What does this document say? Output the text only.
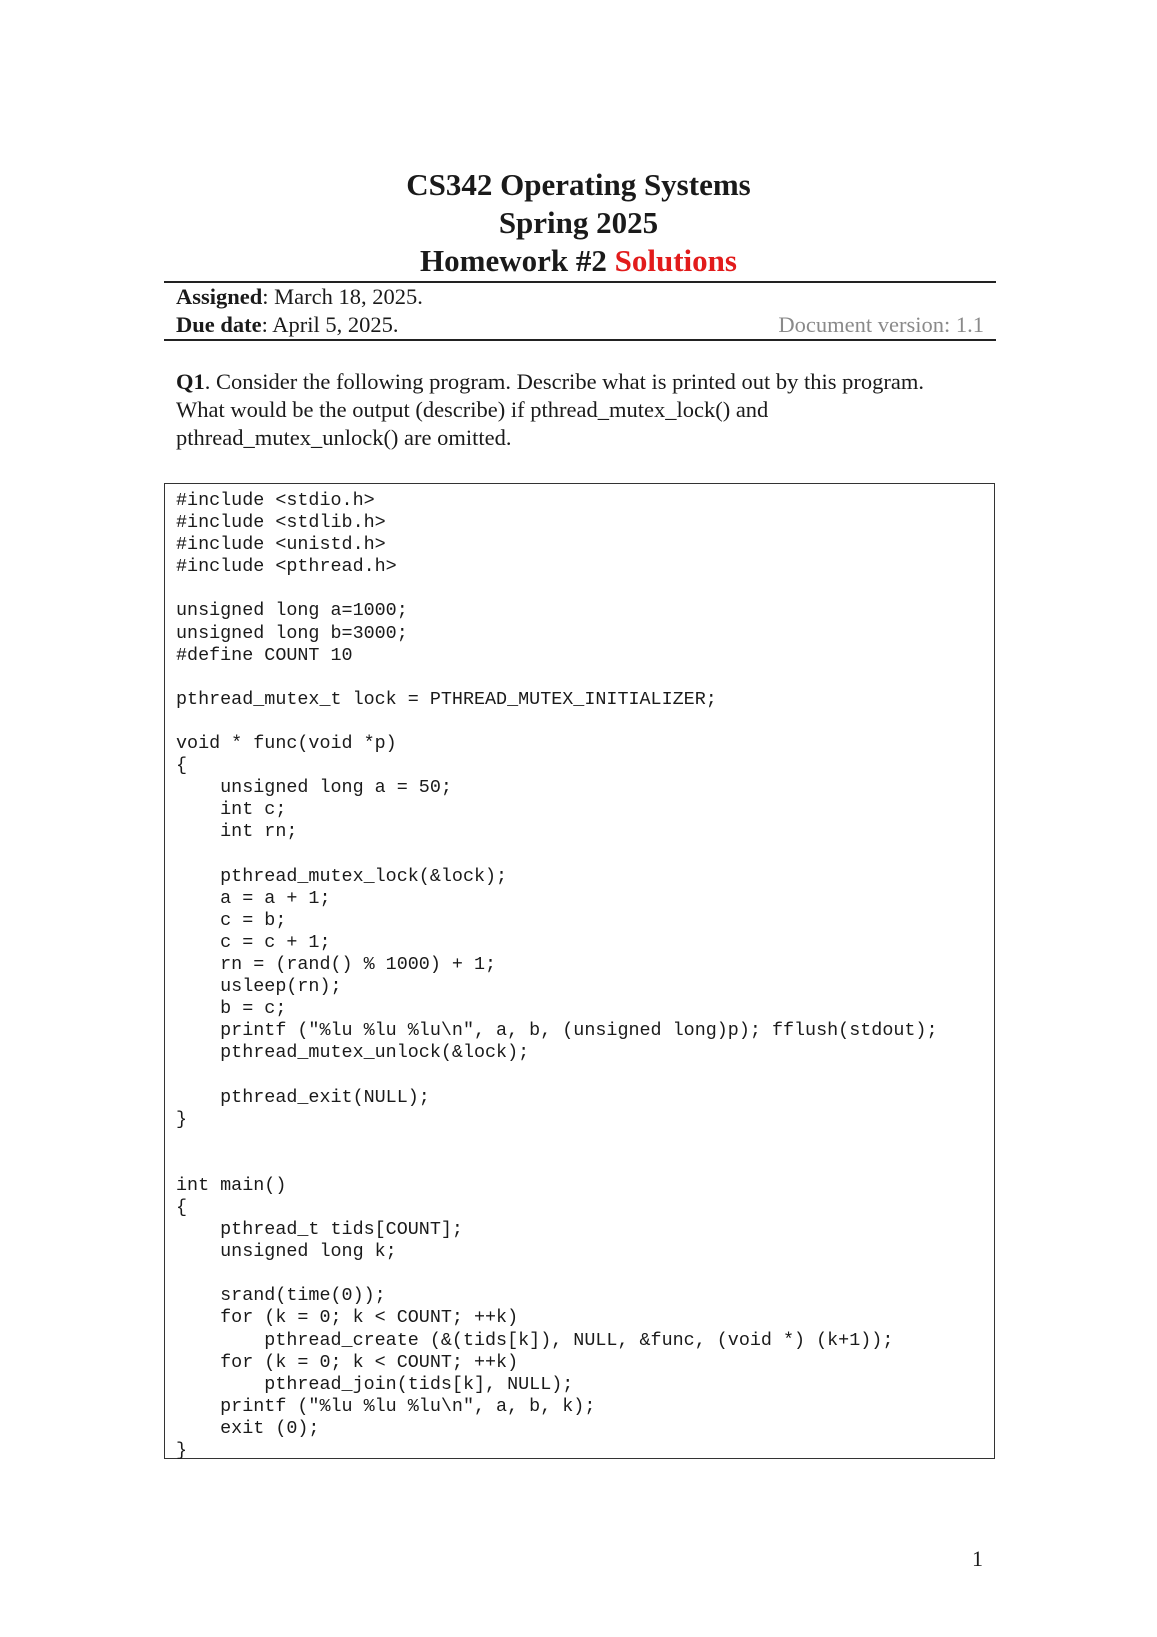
CS342 Operating Systems
Spring 2025
Homework #2 Solutions
Assigned: March 18, 2025.
Due date: April 5, 2025.	Document version: 1.1
Q1. Consider the following program. Describe what is printed out by this program. What would be the output (describe) if pthread_mutex_lock() and pthread_mutex_unlock() are omitted.
#include <stdio.h>
#include <stdlib.h>
#include <unistd.h>
#include <pthread.h>

unsigned long a=1000;
unsigned long b=3000;
#define COUNT 10

pthread_mutex_t lock = PTHREAD_MUTEX_INITIALIZER;

void * func(void *p)
{
unsigned long a = 50;
int c;
int rn;

pthread_mutex_lock(&lock);
a = a + 1;
c = b;
c = c + 1;
rn = (rand() % 1000) + 1;
usleep(rn);
b = c;
printf ("%lu %lu %lu\n", a, b, (unsigned long)p); fflush(stdout);
pthread_mutex_unlock(&lock);

pthread_exit(NULL);
}

int main()
{
pthread_t tids[COUNT];
unsigned long k;

srand(time(0));
for (k = 0; k < COUNT; ++k)
pthread_create (&(tids[k]), NULL, &func, (void *) (k+1));
for (k = 0; k < COUNT; ++k)
pthread_join(tids[k], NULL);
printf ("%lu %lu %lu\n", a, b, k);
exit (0);
}
1
